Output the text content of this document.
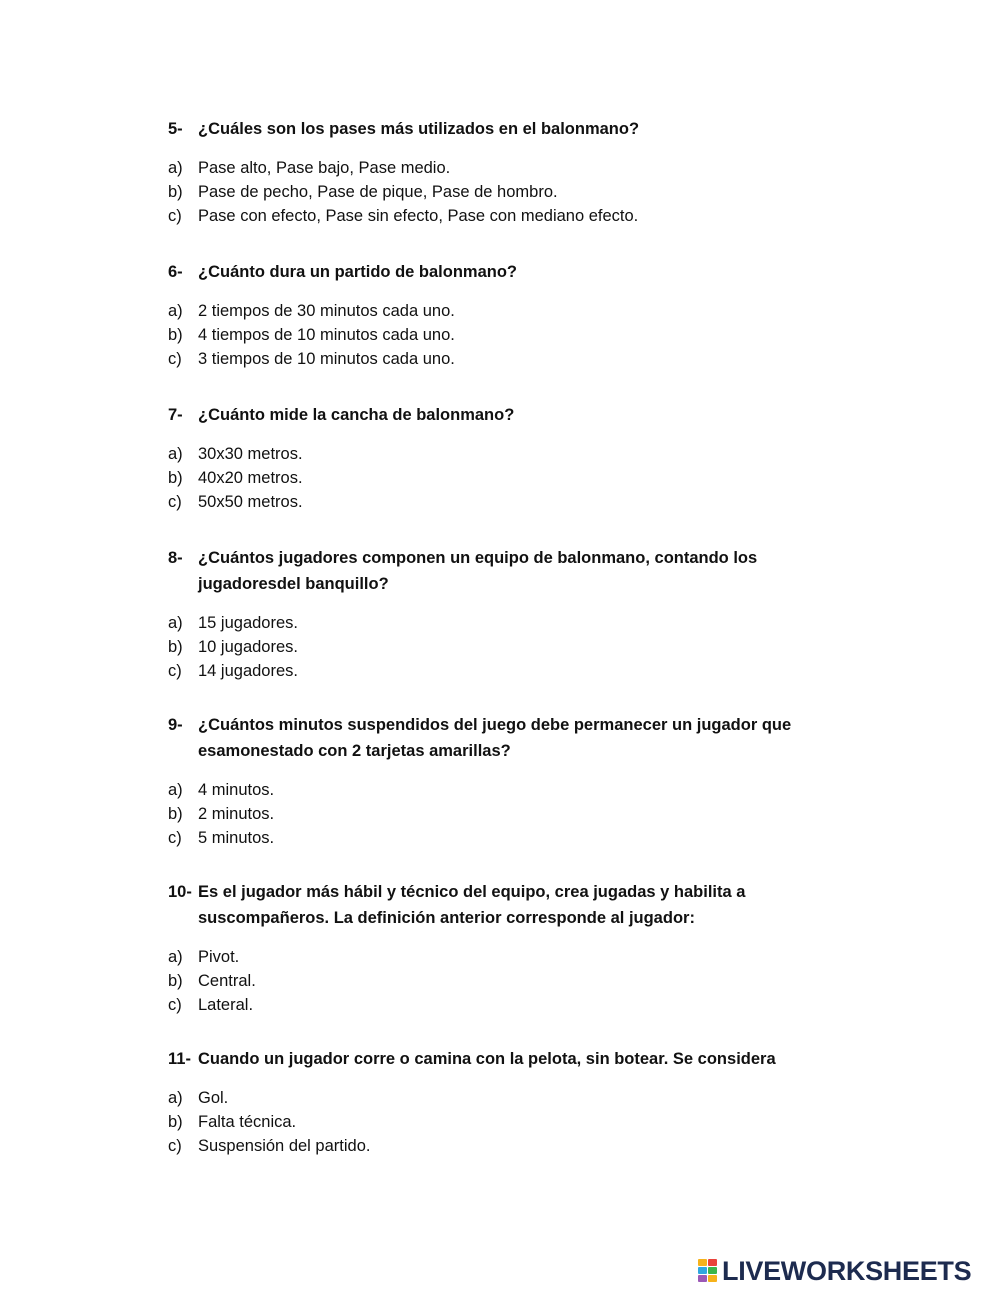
5- ¿Cuáles son los pases más utilizados en el balonmano?
a) Pase alto, Pase bajo, Pase medio.
b) Pase de pecho, Pase de pique, Pase de hombro.
c) Pase con efecto, Pase sin efecto, Pase con mediano efecto.
6- ¿Cuánto dura un partido de balonmano?
a) 2 tiempos de 30 minutos cada uno.
b) 4 tiempos de 10 minutos cada uno.
c) 3 tiempos de 10 minutos cada uno.
7- ¿Cuánto mide la cancha de balonmano?
a) 30x30 metros.
b) 40x20 metros.
c) 50x50 metros.
8- ¿Cuántos jugadores componen un equipo de balonmano, contando los jugadoresdel banquillo?
a) 15 jugadores.
b) 10 jugadores.
c) 14 jugadores.
9- ¿Cuántos minutos suspendidos del juego debe permanecer un jugador que esamonestado con 2 tarjetas amarillas?
a) 4 minutos.
b) 2 minutos.
c) 5 minutos.
10- Es el jugador más hábil y técnico del equipo, crea jugadas y habilita a suscompañeros. La definición anterior corresponde al jugador:
a) Pivot.
b) Central.
c) Lateral.
11- Cuando un jugador corre o camina con la pelota, sin botear. Se considera
a) Gol.
b) Falta técnica.
c) Suspensión del partido.
LIVEWORKSHEETS
